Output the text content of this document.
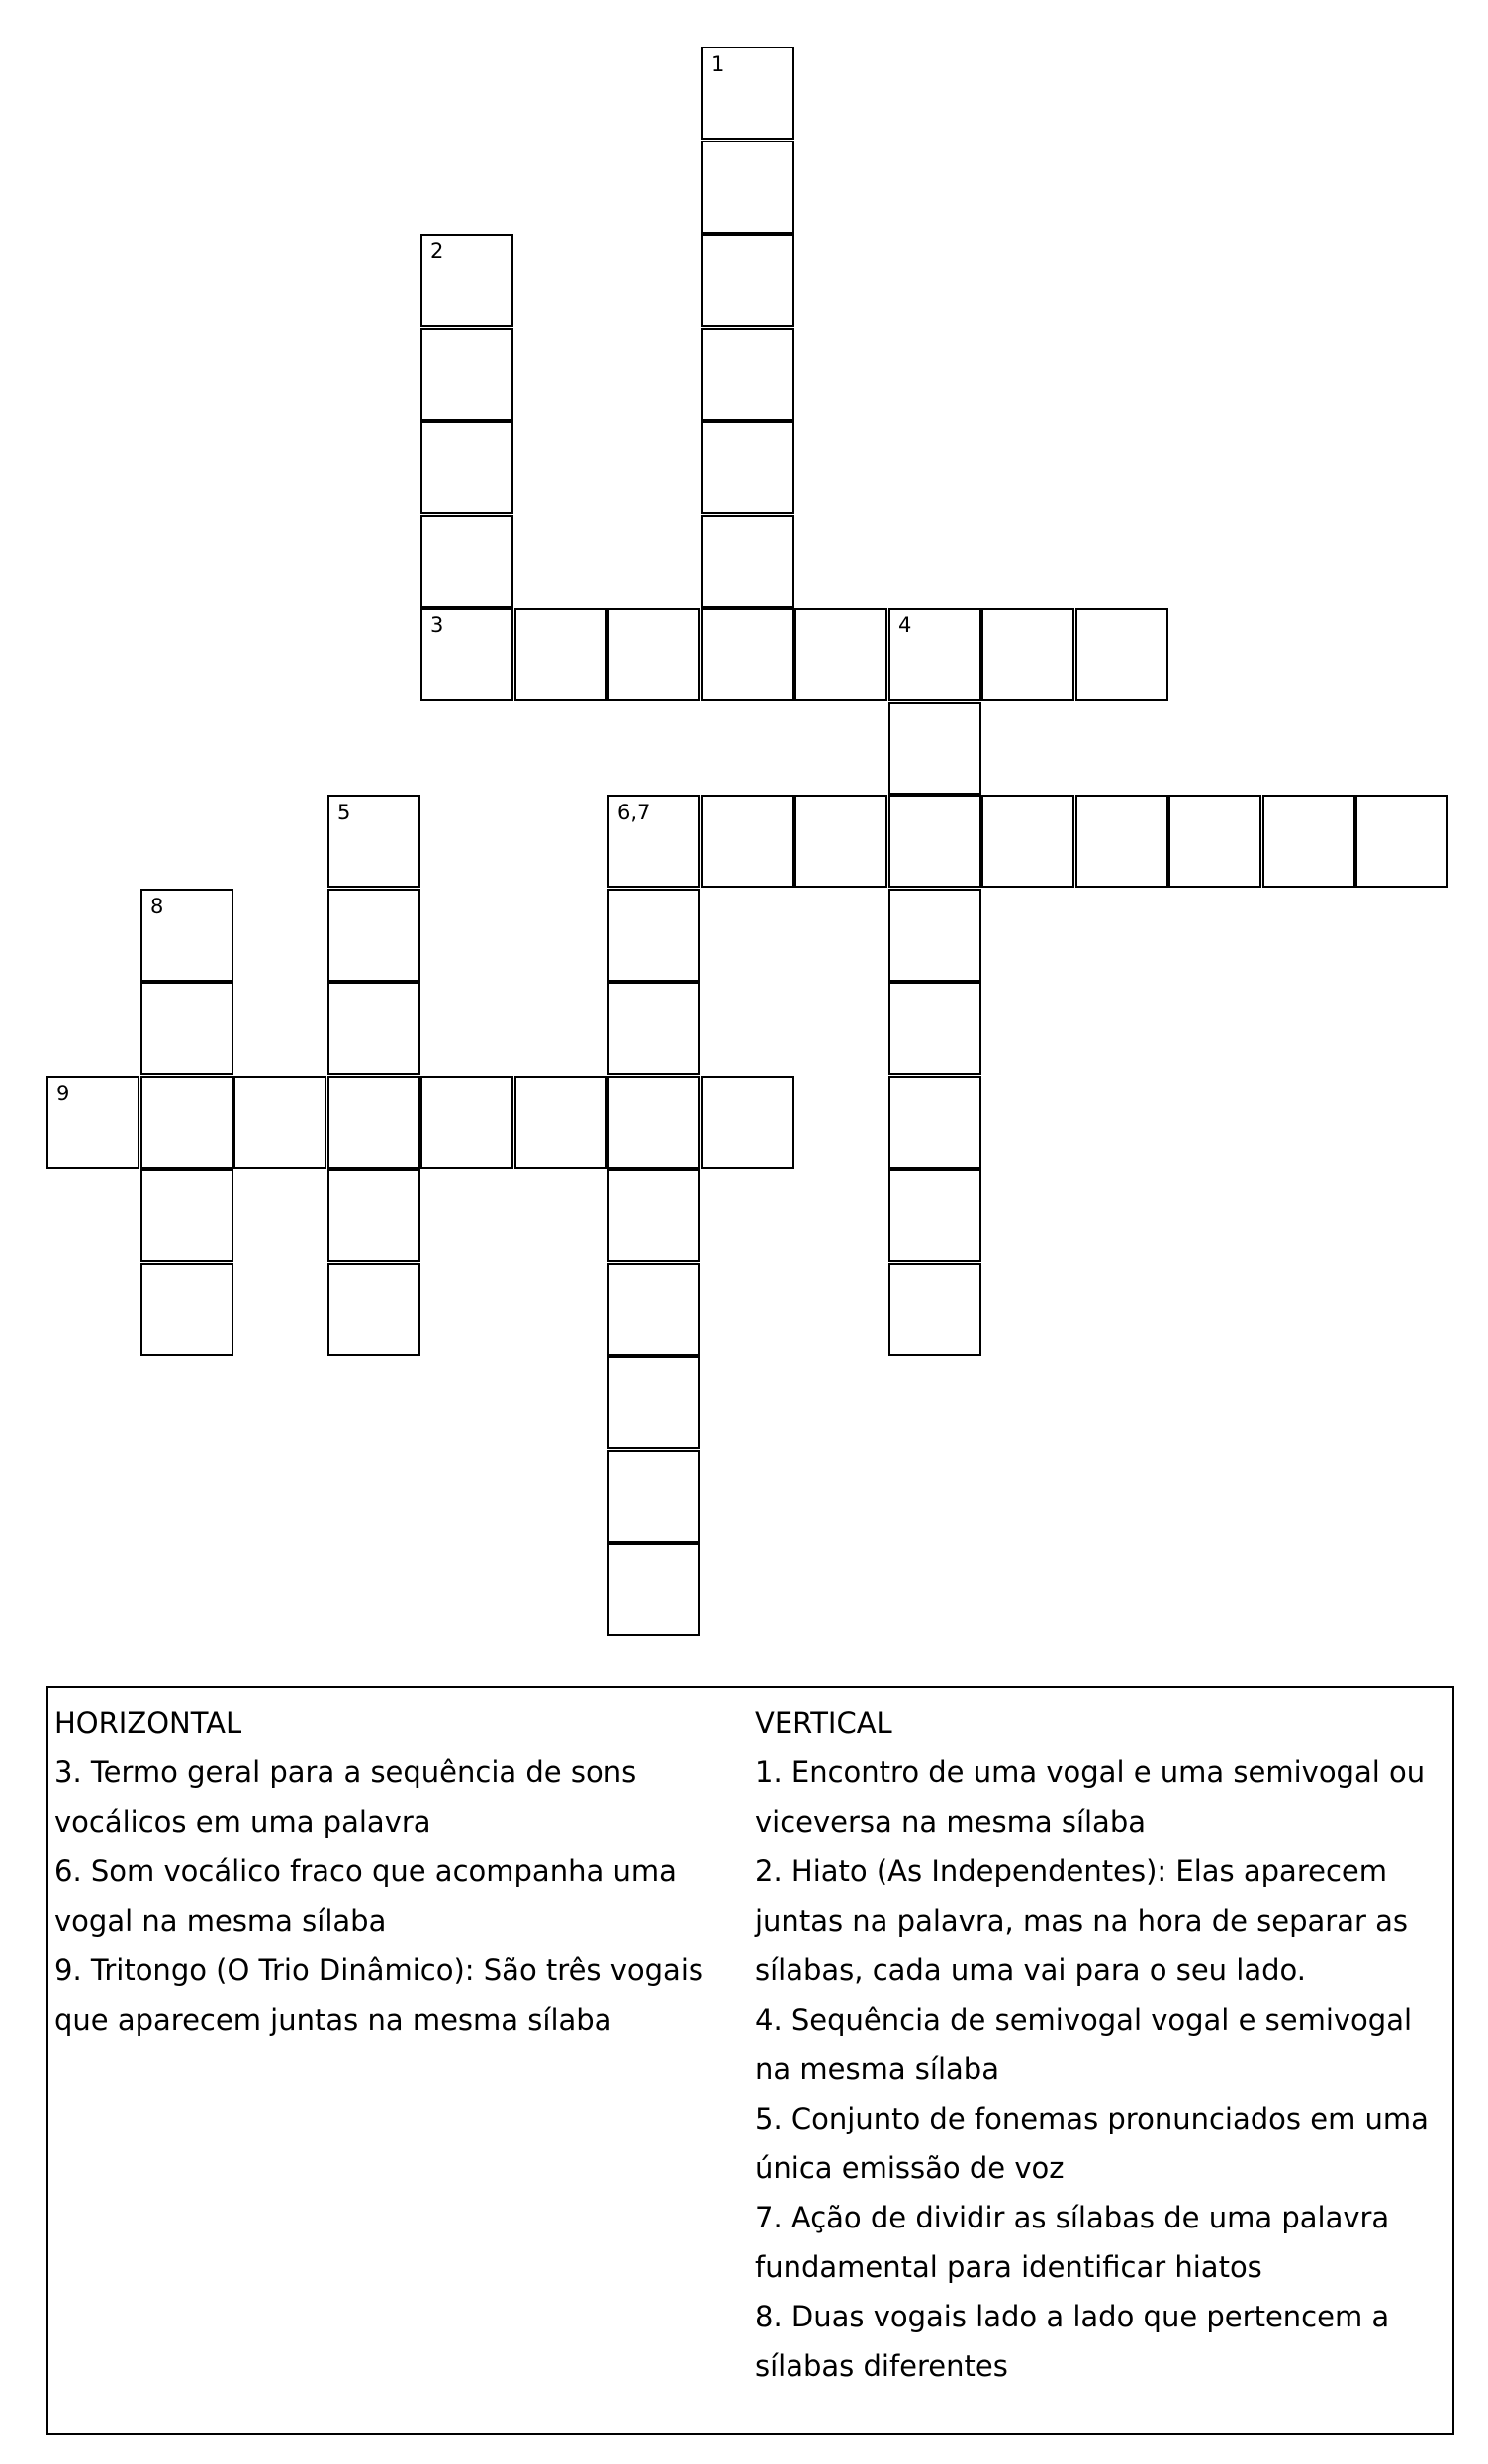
1
2
3	4
5	6,7
8
9

HORIZONTAL

3. Termo geral para a sequência de sons vocálicos em uma palavra

6. Som vocálico fraco que acompanha uma vogal na mesma sílaba

9. Tritongo (O Trio Dinâmico): São três vogais que aparecem juntas na mesma sílaba

VERTICAL

1. Encontro de uma vogal e uma semivogal ou viceversa na mesma sílaba

2. Hiato (As Independentes): Elas aparecem juntas na palavra, mas na hora de separar as sílabas, cada uma vai para o seu lado.

4. Sequência de semivogal vogal e semivogal na mesma sílaba

5. Conjunto de fonemas pronunciados em uma única emissão de voz

7. Ação de dividir as sílabas de uma palavra fundamental para identificar hiatos

8. Duas vogais lado a lado que pertencem a sílabas diferentes
